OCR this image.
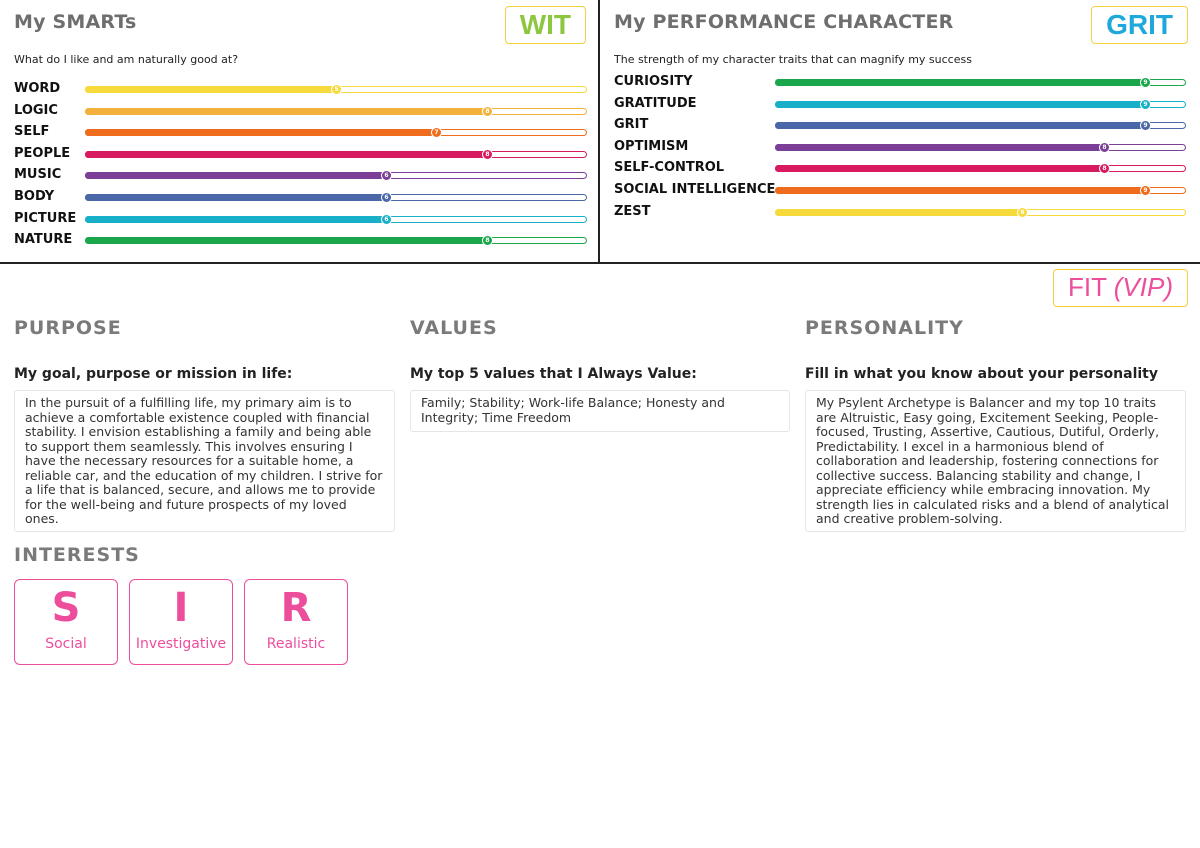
My SMARTs	WIT
What do I like and am naturally good at?
WORD	5
LOGIC	8
SELF	7
PEOPLE	8
MUSIC	6
BODY	6
PICTURE	6
NATURE	8
My PERFORMANCE CHARACTER	GRIT
The strength of my character traits that can magnify my success
CURIOSITY	9
GRATITUDE	9
GRIT	9
OPTIMISM	8
SELF-CONTROL	8
SOCIAL INTELLIGENCE	9
ZEST	6
FIT (VIP)
PURPOSE
My goal, purpose or mission in life:
In the pursuit of a fulfilling life, my primary aim is to achieve a comfortable existence coupled with financial stability. I envision establishing a family and being able to support them seamlessly. This involves ensuring I have the necessary resources for a suitable home, a reliable car, and the education of my children. I strive for a life that is balanced, secure, and allows me to provide for the well-being and future prospects of my loved ones.
VALUES
My top 5 values that I Always Value:
Family; Stability; Work-life Balance; Honesty and Integrity; Time Freedom
PERSONALITY
Fill in what you know about your personality
My Psylent Archetype is Balancer and my top 10 traits are Altruistic, Easy going, Excitement Seeking, People-focused, Trusting, Assertive, Cautious, Dutiful, Orderly, Predictability. I excel in a harmonious blend of collaboration and leadership, fostering connections for collective success. Balancing stability and change, I appreciate efficiency while embracing innovation. My strength lies in calculated risks and a blend of analytical and creative problem-solving.
INTERESTS
S
Social
I
Investigative
R
Realistic
